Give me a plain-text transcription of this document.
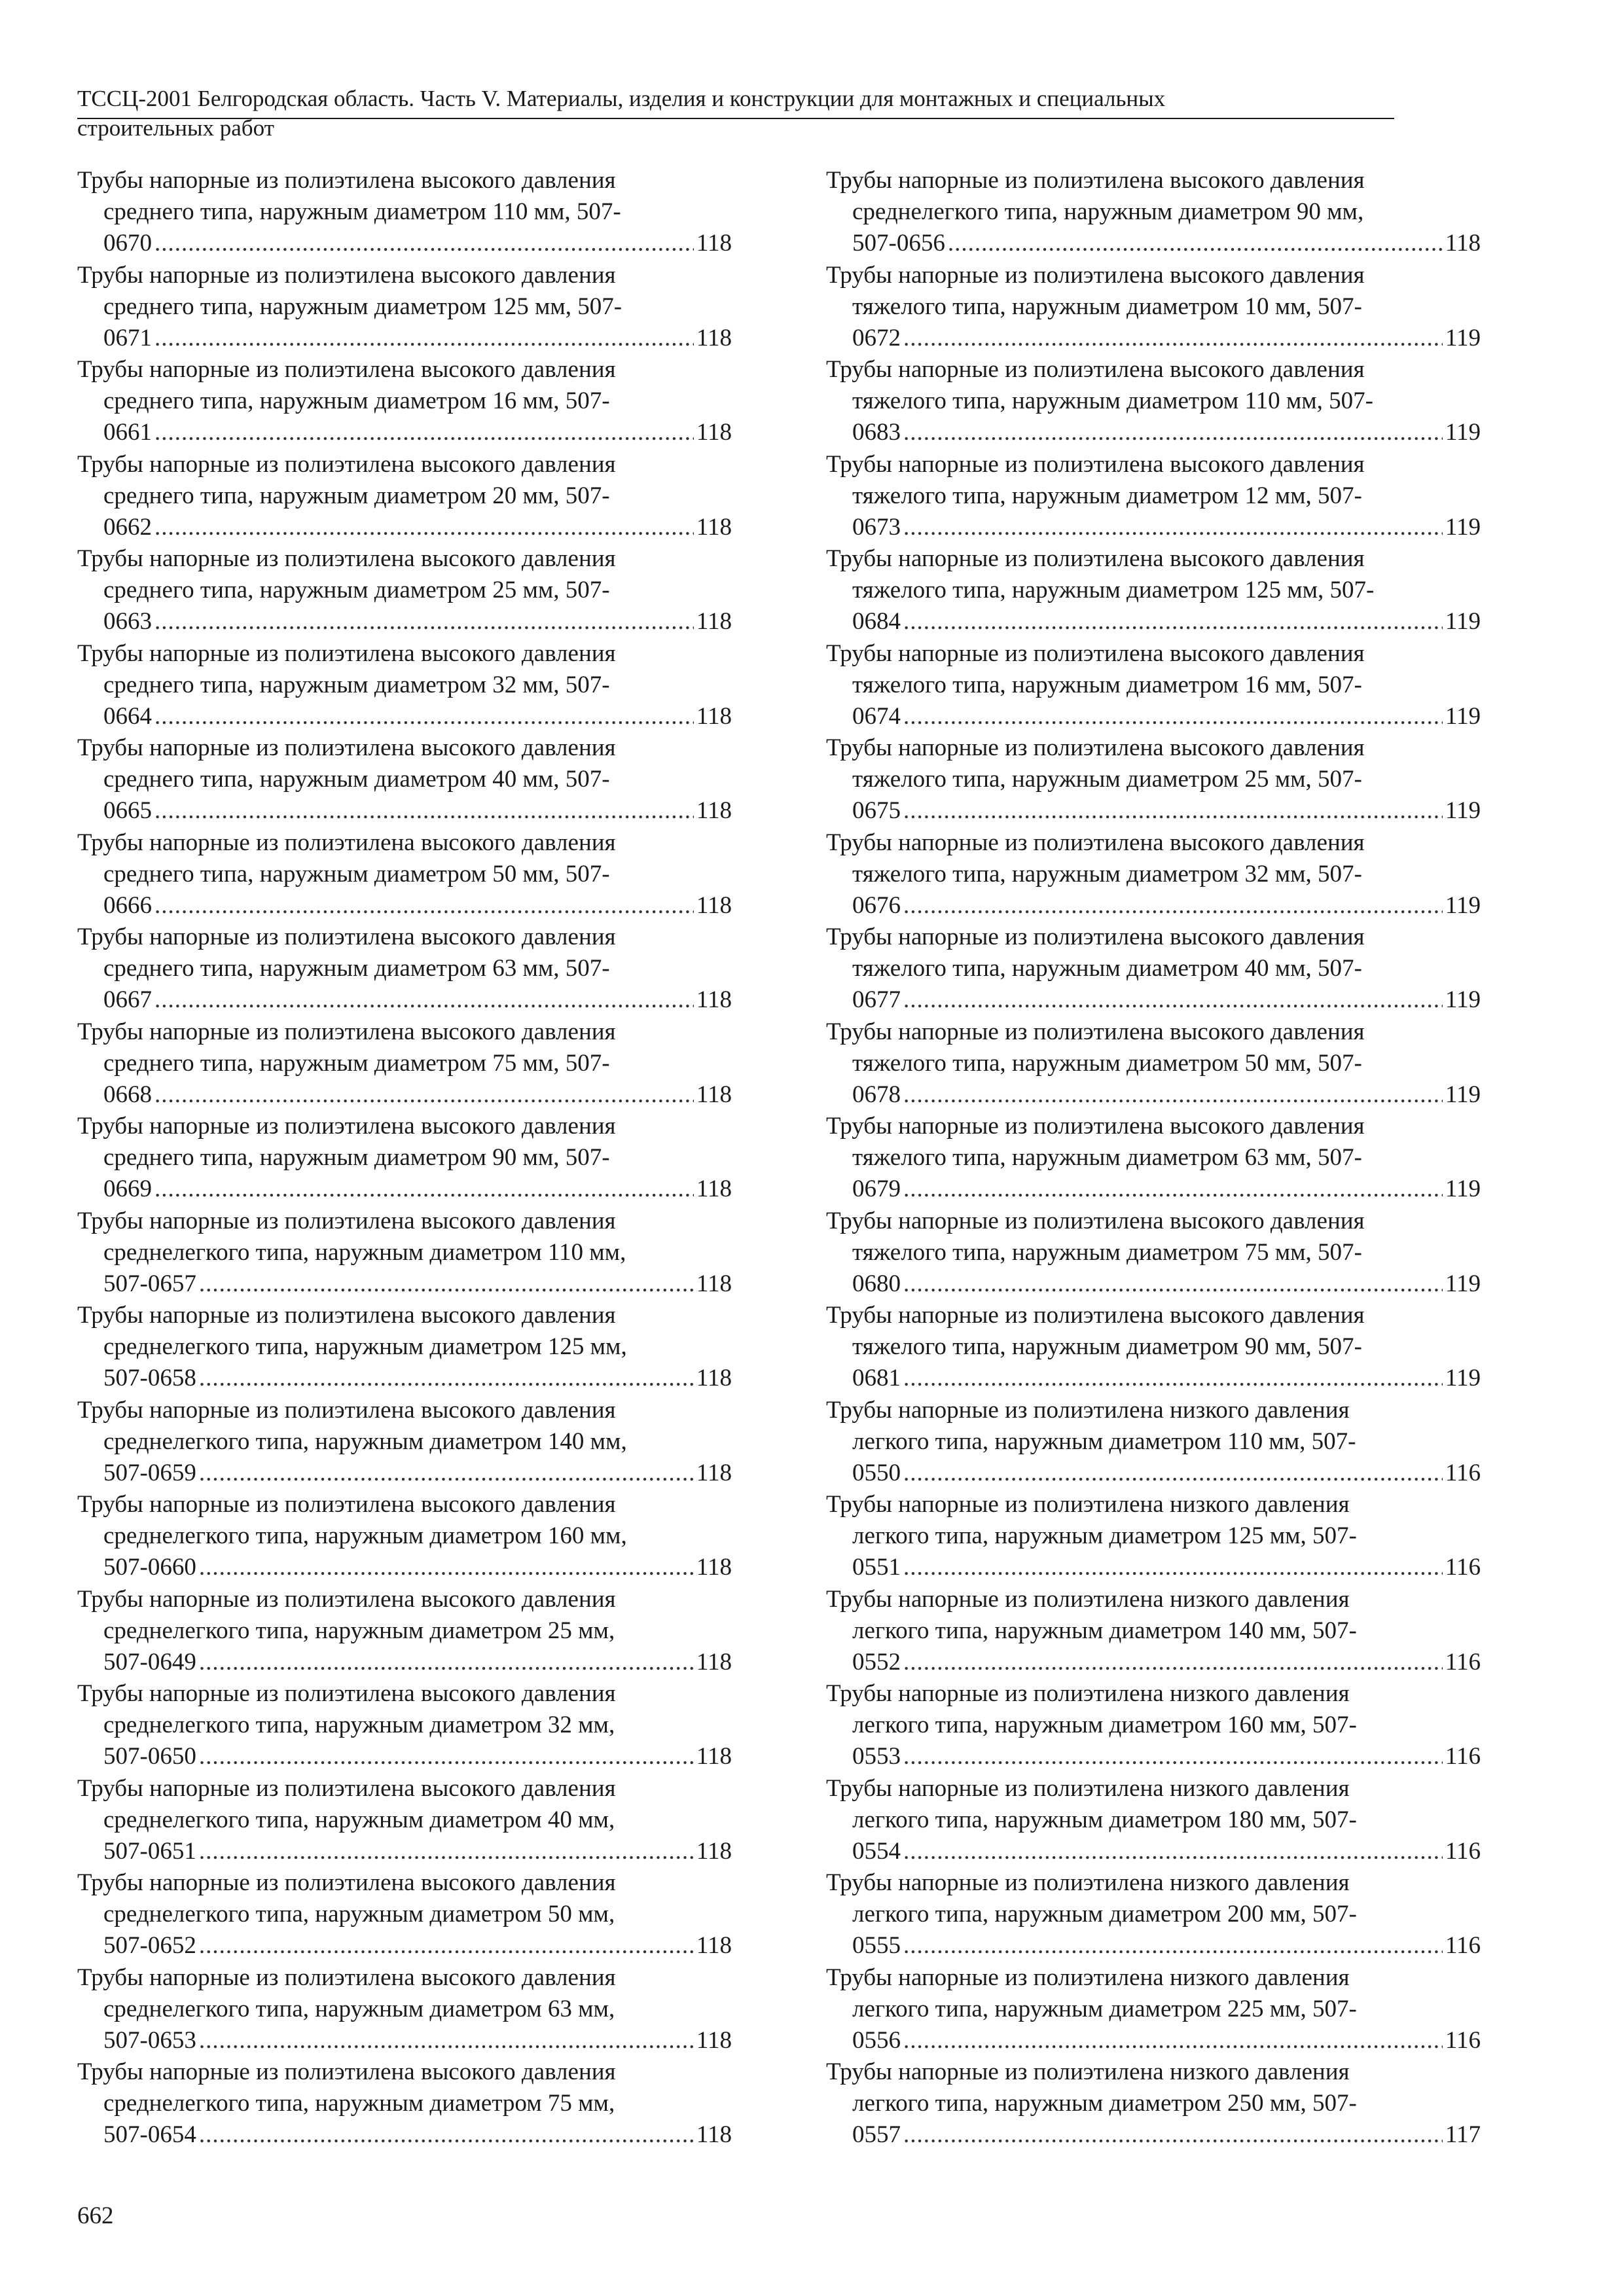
ТССЦ-2001 Белгородская область. Часть V. Материалы, изделия и конструкции для монтажных и специальных
строительных работ
Трубы напорные из полиэтилена высокого давления
среднего типа, наружным диаметром 110 мм, 507-
0670 .....	118
Трубы напорные из полиэтилена высокого давления
среднего типа, наружным диаметром 125 мм, 507-
0671 .....	118
Трубы напорные из полиэтилена высокого давления
среднего типа, наружным диаметром 16 мм, 507-
0661 .....	118
Трубы напорные из полиэтилена высокого давления
среднего типа, наружным диаметром 20 мм, 507-
0662 .....	118
Трубы напорные из полиэтилена высокого давления
среднего типа, наружным диаметром 25 мм, 507-
0663 .....	118
Трубы напорные из полиэтилена высокого давления
среднего типа, наружным диаметром 32 мм, 507-
0664 .....	118
Трубы напорные из полиэтилена высокого давления
среднего типа, наружным диаметром 40 мм, 507-
0665 .....	118
Трубы напорные из полиэтилена высокого давления
среднего типа, наружным диаметром 50 мм, 507-
0666 .....	118
Трубы напорные из полиэтилена высокого давления
среднего типа, наружным диаметром 63 мм, 507-
0667 .....	118
Трубы напорные из полиэтилена высокого давления
среднего типа, наружным диаметром 75 мм, 507-
0668 .....	118
Трубы напорные из полиэтилена высокого давления
среднего типа, наружным диаметром 90 мм, 507-
0669 .....	118
Трубы напорные из полиэтилена высокого давления
среднелегкого типа, наружным диаметром 110 мм,
507-0657 .....	118
Трубы напорные из полиэтилена высокого давления
среднелегкого типа, наружным диаметром 125 мм,
507-0658 .....	118
Трубы напорные из полиэтилена высокого давления
среднелегкого типа, наружным диаметром 140 мм,
507-0659 .....	118
Трубы напорные из полиэтилена высокого давления
среднелегкого типа, наружным диаметром 160 мм,
507-0660 .....	118
Трубы напорные из полиэтилена высокого давления
среднелегкого типа, наружным диаметром 25 мм,
507-0649 .....	118
Трубы напорные из полиэтилена высокого давления
среднелегкого типа, наружным диаметром 32 мм,
507-0650 .....	118
Трубы напорные из полиэтилена высокого давления
среднелегкого типа, наружным диаметром 40 мм,
507-0651 .....	118
Трубы напорные из полиэтилена высокого давления
среднелегкого типа, наружным диаметром 50 мм,
507-0652 .....	118
Трубы напорные из полиэтилена высокого давления
среднелегкого типа, наружным диаметром 63 мм,
507-0653 .....	118
Трубы напорные из полиэтилена высокого давления
среднелегкого типа, наружным диаметром 75 мм,
507-0654 .....	118
Трубы напорные из полиэтилена высокого давления
среднелегкого типа, наружным диаметром 90 мм,
507-0656 .....	118
Трубы напорные из полиэтилена высокого давления
тяжелого типа, наружным диаметром 10 мм, 507-
0672 .....	119
Трубы напорные из полиэтилена высокого давления
тяжелого типа, наружным диаметром 110 мм, 507-
0683 .....	119
Трубы напорные из полиэтилена высокого давления
тяжелого типа, наружным диаметром 12 мм, 507-
0673 .....	119
Трубы напорные из полиэтилена высокого давления
тяжелого типа, наружным диаметром 125 мм, 507-
0684 .....	119
Трубы напорные из полиэтилена высокого давления
тяжелого типа, наружным диаметром 16 мм, 507-
0674 .....	119
Трубы напорные из полиэтилена высокого давления
тяжелого типа, наружным диаметром 25 мм, 507-
0675 .....	119
Трубы напорные из полиэтилена высокого давления
тяжелого типа, наружным диаметром 32 мм, 507-
0676 .....	119
Трубы напорные из полиэтилена высокого давления
тяжелого типа, наружным диаметром 40 мм, 507-
0677 .....	119
Трубы напорные из полиэтилена высокого давления
тяжелого типа, наружным диаметром 50 мм, 507-
0678 .....	119
Трубы напорные из полиэтилена высокого давления
тяжелого типа, наружным диаметром 63 мм, 507-
0679 .....	119
Трубы напорные из полиэтилена высокого давления
тяжелого типа, наружным диаметром 75 мм, 507-
0680 .....	119
Трубы напорные из полиэтилена высокого давления
тяжелого типа, наружным диаметром 90 мм, 507-
0681 .....	119
Трубы напорные из полиэтилена низкого давления
легкого типа, наружным диаметром 110 мм, 507-
0550 .....	116
Трубы напорные из полиэтилена низкого давления
легкого типа, наружным диаметром 125 мм, 507-
0551 .....	116
Трубы напорные из полиэтилена низкого давления
легкого типа, наружным диаметром 140 мм, 507-
0552 .....	116
Трубы напорные из полиэтилена низкого давления
легкого типа, наружным диаметром 160 мм, 507-
0553 .....	116
Трубы напорные из полиэтилена низкого давления
легкого типа, наружным диаметром 180 мм, 507-
0554 .....	116
Трубы напорные из полиэтилена низкого давления
легкого типа, наружным диаметром 200 мм, 507-
0555 .....	116
Трубы напорные из полиэтилена низкого давления
легкого типа, наружным диаметром 225 мм, 507-
0556 .....	116
Трубы напорные из полиэтилена низкого давления
легкого типа, наружным диаметром 250 мм, 507-
0557 .....	117
662
